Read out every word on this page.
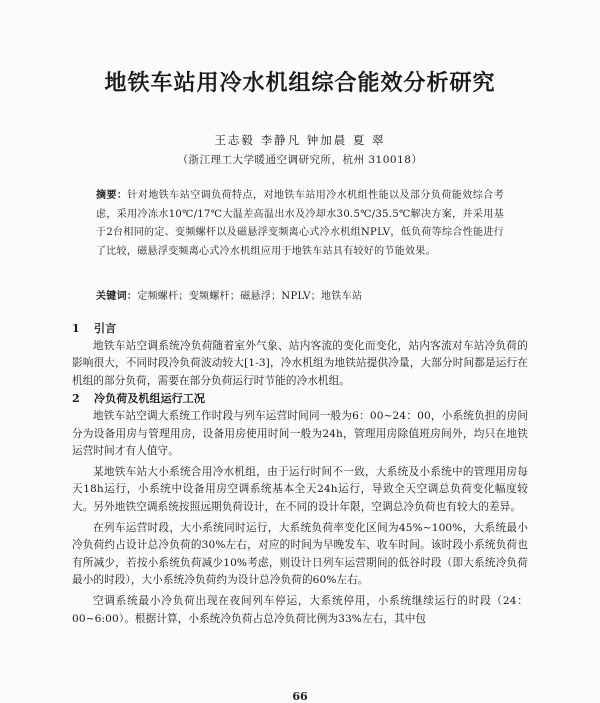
地铁车站用冷水机组综合能效分析研究
王志毅 李静凡 钟加晨 夏 翠
（浙江理工大学暖通空调研究所，杭州 310018）
摘要：针对地铁车站空调负荷特点，对地铁车站用冷水机组性能以及部分负荷能效综合考虑，采用冷冻水10℃/17℃大温差高温出水及冷却水30.5℃/35.5℃解决方案，并采用基于2台相同的定、变频螺杆以及磁悬浮变频离心式冷水机组NPLV，低负荷等综合性能进行了比较，磁悬浮变频离心式冷水机组应用于地铁车站具有较好的节能效果。
关键词：定频螺杆；变频螺杆；磁悬浮；NPLV；地铁车站

1 引言

地铁车站空调系统冷负荷随着室外气象、站内客流的变化而变化，站内客流对车站冷负荷的影响很大，不同时段冷负荷波动较大[1-3]，冷水机组为地铁站提供冷量，大部分时间都是运行在机组的部分负荷，需要在部分负荷运行时节能的冷水机组。

2 冷负荷及机组运行工况

地铁车站空调大系统工作时段与列车运营时间同一般为6：00~24：00，小系统负担的房间分为设备用房与管理用房，设备用房使用时间一般为24h，管理用房除值班房间外，均只在地铁运营时间才有人值守。

某地铁车站大小系统合用冷水机组，由于运行时间不一致，大系统及小系统中的管理用房每天18h运行，小系统中设备用房空调系统基本全天24h运行，导致全天空调总负荷变化幅度较大。另外地铁空调系统按照远期负荷设计，在不同的设计年限，空调总冷负荷也有较大的差异。

在列车运营时段，大小系统同时运行，大系统负荷率变化区间为45%~100%，大系统最小冷负荷约占设计总冷负荷的30%左右，对应的时间为早晚发车、收车时间。该时段小系统负荷也有所减少，若按小系统负荷减少10%考虑，则设计日列车运营期间的低谷时段（即大系统冷负荷最小的时段），大小系统冷负荷约为设计总冷负荷的60%左右。

空调系统最小冷负荷出现在夜间列车停运，大系统停用，小系统继续运行的时段（24：00~6:00）。根据计算，小系统冷负荷占总冷负荷比例为33%左右，其中包

66
